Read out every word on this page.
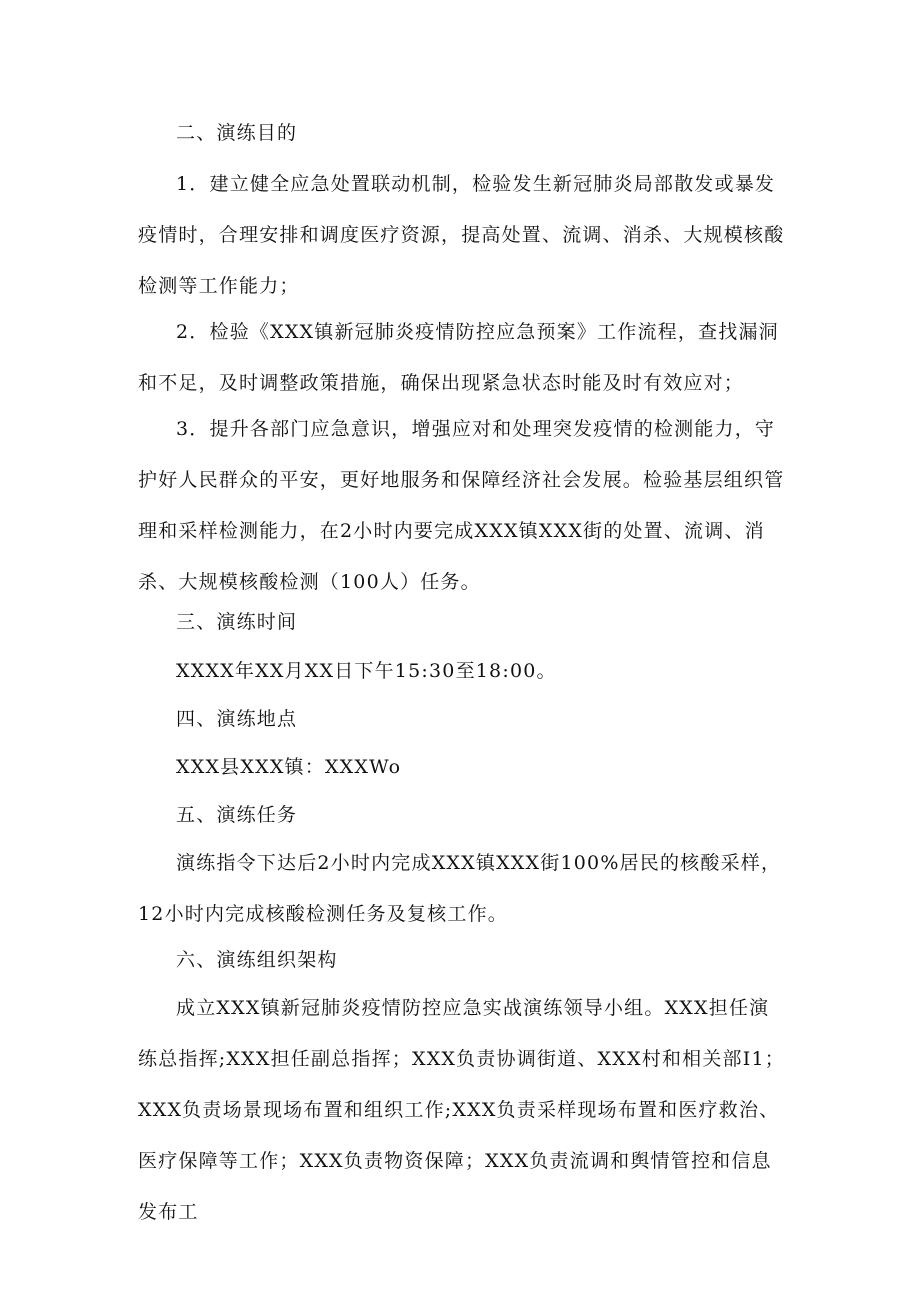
二、演练目的

1．建立健全应急处置联动机制，检验发生新冠肺炎局部散发或暴发疫情时，合理安排和调度医疗资源，提高处置、流调、消杀、大规模核酸检测等工作能力；

2．检验《XXX镇新冠肺炎疫情防控应急预案》工作流程，查找漏洞和不足，及时调整政策措施，确保出现紧急状态时能及时有效应对；

3．提升各部门应急意识，增强应对和处理突发疫情的检测能力，守护好人民群众的平安，更好地服务和保障经济社会发展。检验基层组织管理和采样检测能力，在2小时内要完成XXX镇XXX街的处置、流调、消杀、大规模核酸检测（100人）任务。

三、演练时间

XXXX年XX月XX日下午15:30至18:00。

四、演练地点

XXX县XXX镇：XXXWo

五、演练任务

演练指令下达后2小时内完成XXX镇XXX街100%居民的核酸采样，12小时内完成核酸检测任务及复核工作。

六、演练组织架构

成立XXX镇新冠肺炎疫情防控应急实战演练领导小组。XXX担任演练总指挥;XXX担任副总指挥；XXX负责协调街道、XXX村和相关部I1；XXX负责场景现场布置和组织工作;XXX负责采样现场布置和医疗救治、医疗保障等工作；XXX负责物资保障；XXX负责流调和舆情管控和信息发布工
